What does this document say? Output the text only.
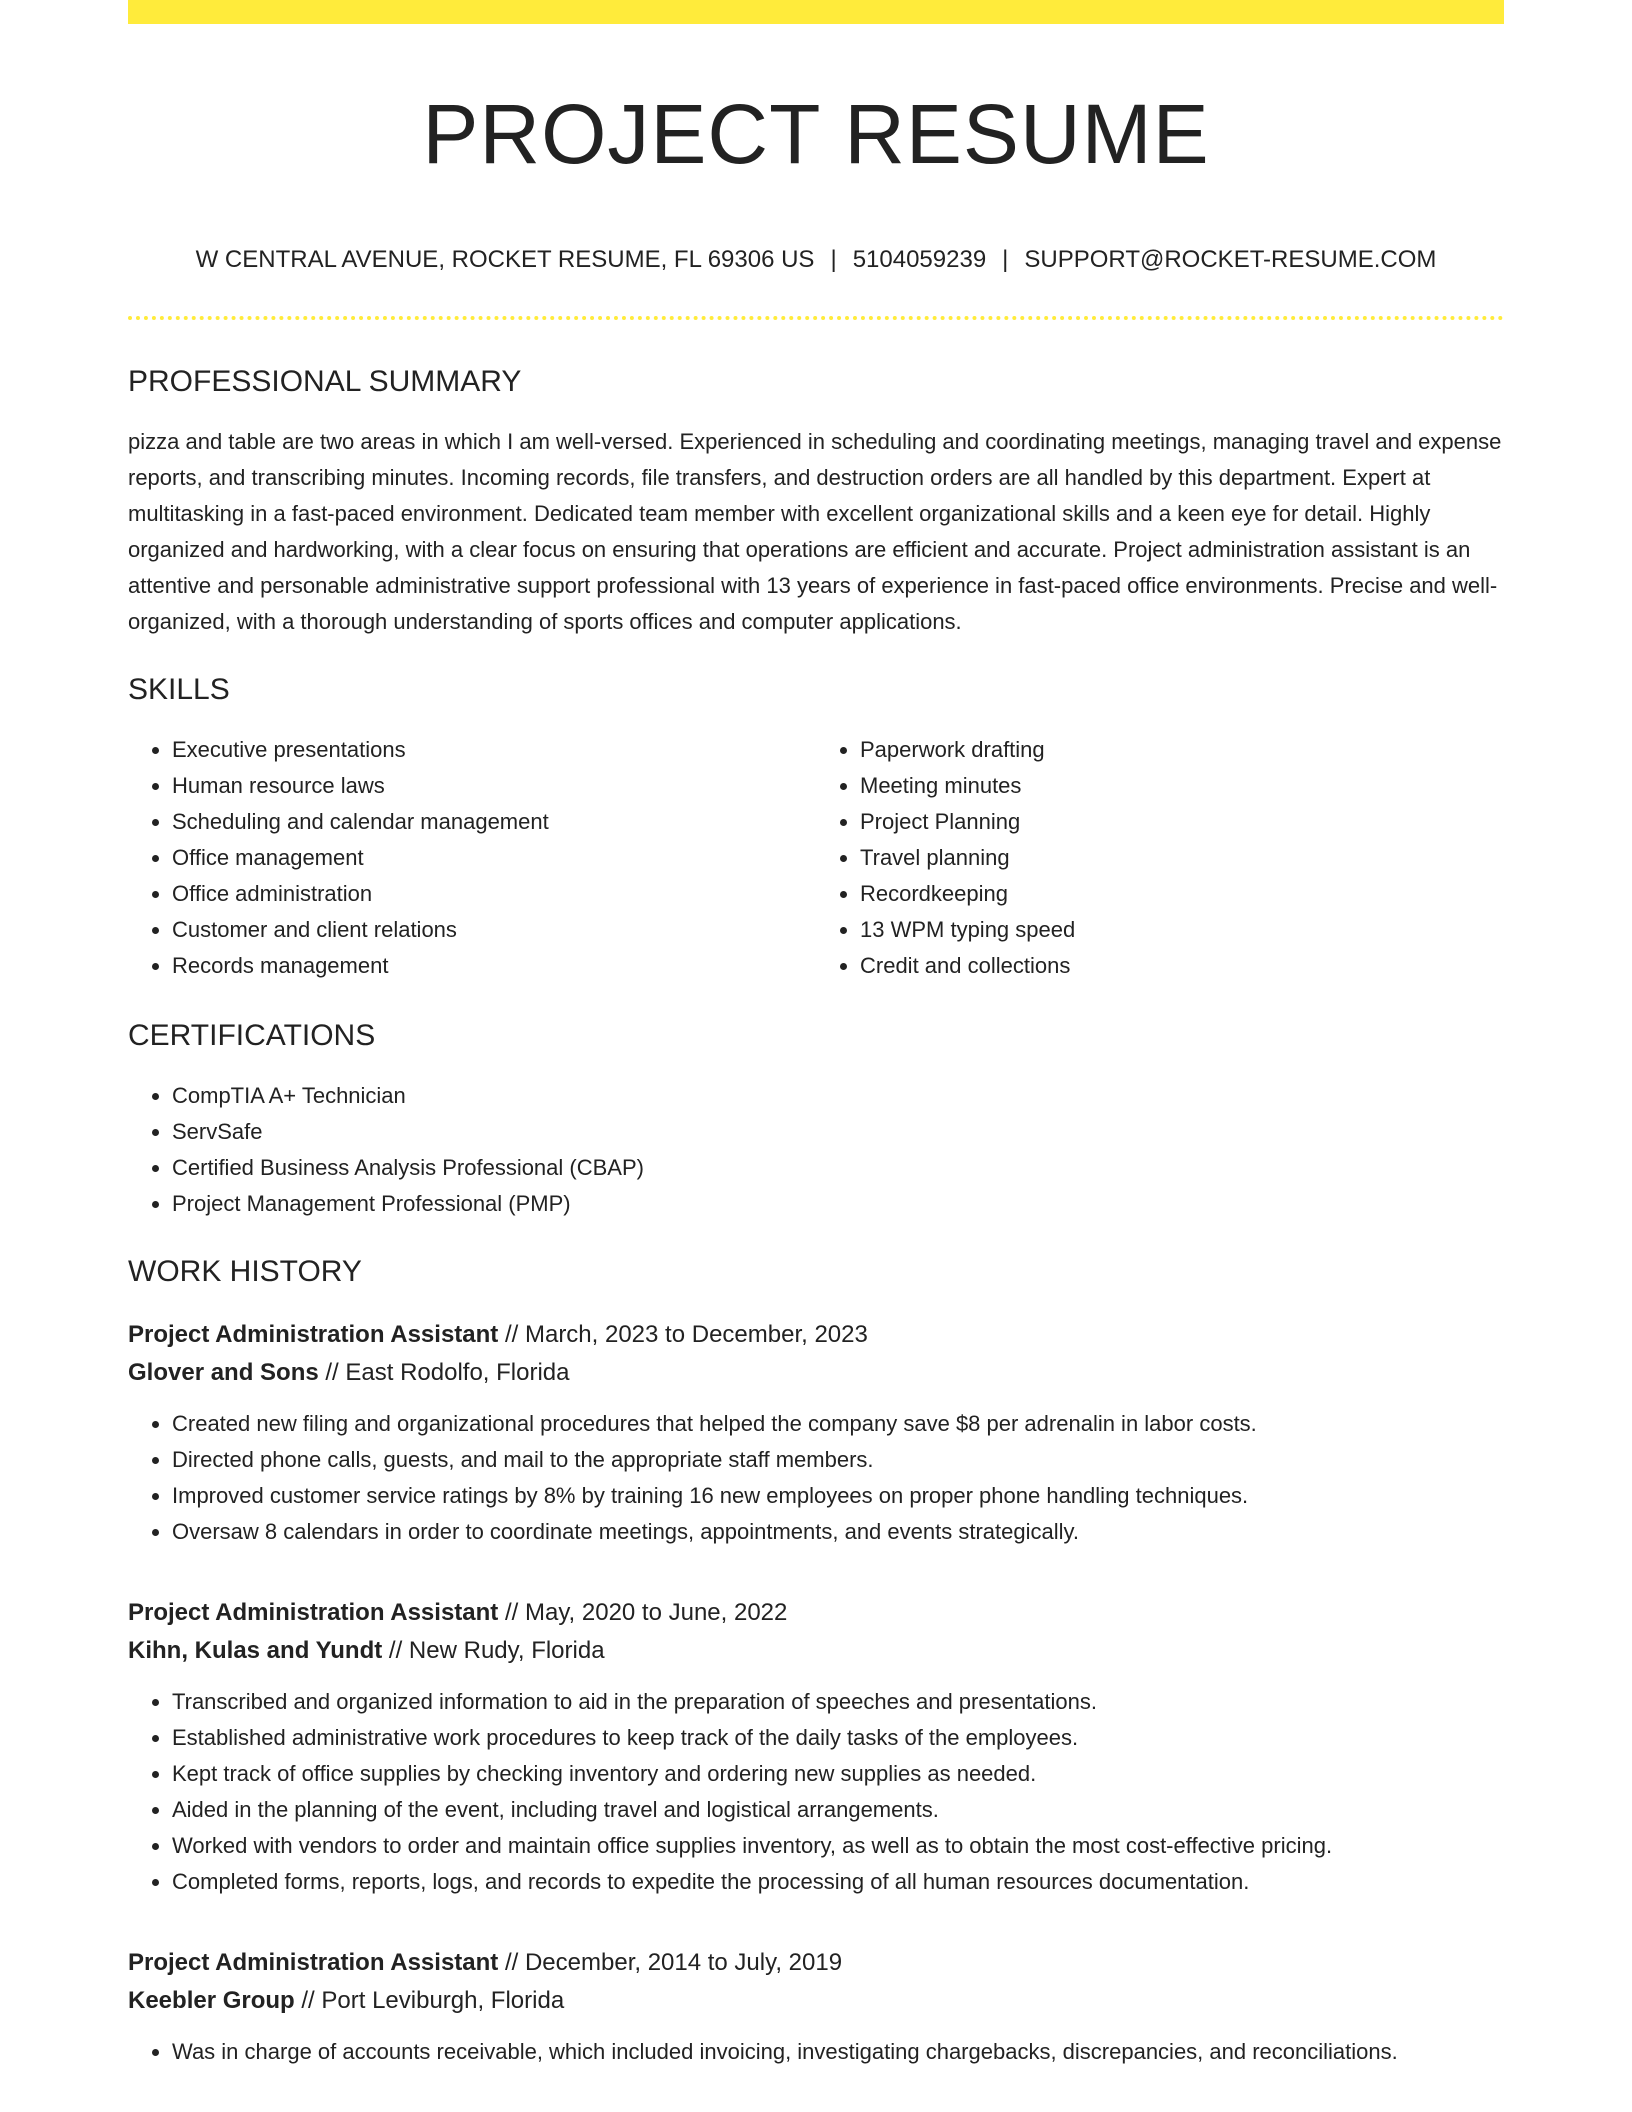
PROJECT RESUME
W CENTRAL AVENUE, ROCKET RESUME, FL 69306 US | 5104059239 | SUPPORT@ROCKET-RESUME.COM
PROFESSIONAL SUMMARY

pizza and table are two areas in which I am well-versed. Experienced in scheduling and coordinating meetings, managing travel and expense reports, and transcribing minutes. Incoming records, file transfers, and destruction orders are all handled by this department. Expert at multitasking in a fast-paced environment. Dedicated team member with excellent organizational skills and a keen eye for detail. Highly organized and hardworking, with a clear focus on ensuring that operations are efficient and accurate. Project administration assistant is an attentive and personable administrative support professional with 13 years of experience in fast-paced office environments. Precise and well-organized, with a thorough understanding of sports offices and computer applications.

SKILLS
• Executive presentations
• Human resource laws
• Scheduling and calendar management
• Office management
• Office administration
• Customer and client relations
• Records management
• Paperwork drafting
• Meeting minutes
• Project Planning
• Travel planning
• Recordkeeping
• 13 WPM typing speed
• Credit and collections
CERTIFICATIONS
• CompTIA A+ Technician
• ServSafe
• Certified Business Analysis Professional (CBAP)
• Project Management Professional (PMP)
WORK HISTORY
Project Administration Assistant // March, 2023 to December, 2023
Glover and Sons // East Rodolfo, Florida
• Created new filing and organizational procedures that helped the company save $8 per adrenalin in labor costs.
• Directed phone calls, guests, and mail to the appropriate staff members.
• Improved customer service ratings by 8% by training 16 new employees on proper phone handling techniques.
• Oversaw 8 calendars in order to coordinate meetings, appointments, and events strategically.
Project Administration Assistant // May, 2020 to June, 2022
Kihn, Kulas and Yundt // New Rudy, Florida
• Transcribed and organized information to aid in the preparation of speeches and presentations.
• Established administrative work procedures to keep track of the daily tasks of the employees.
• Kept track of office supplies by checking inventory and ordering new supplies as needed.
• Aided in the planning of the event, including travel and logistical arrangements.
• Worked with vendors to order and maintain office supplies inventory, as well as to obtain the most cost-effective pricing.
• Completed forms, reports, logs, and records to expedite the processing of all human resources documentation.
Project Administration Assistant // December, 2014 to July, 2019
Keebler Group // Port Leviburgh, Florida
• Was in charge of accounts receivable, which included invoicing, investigating chargebacks, discrepancies, and reconciliations.
